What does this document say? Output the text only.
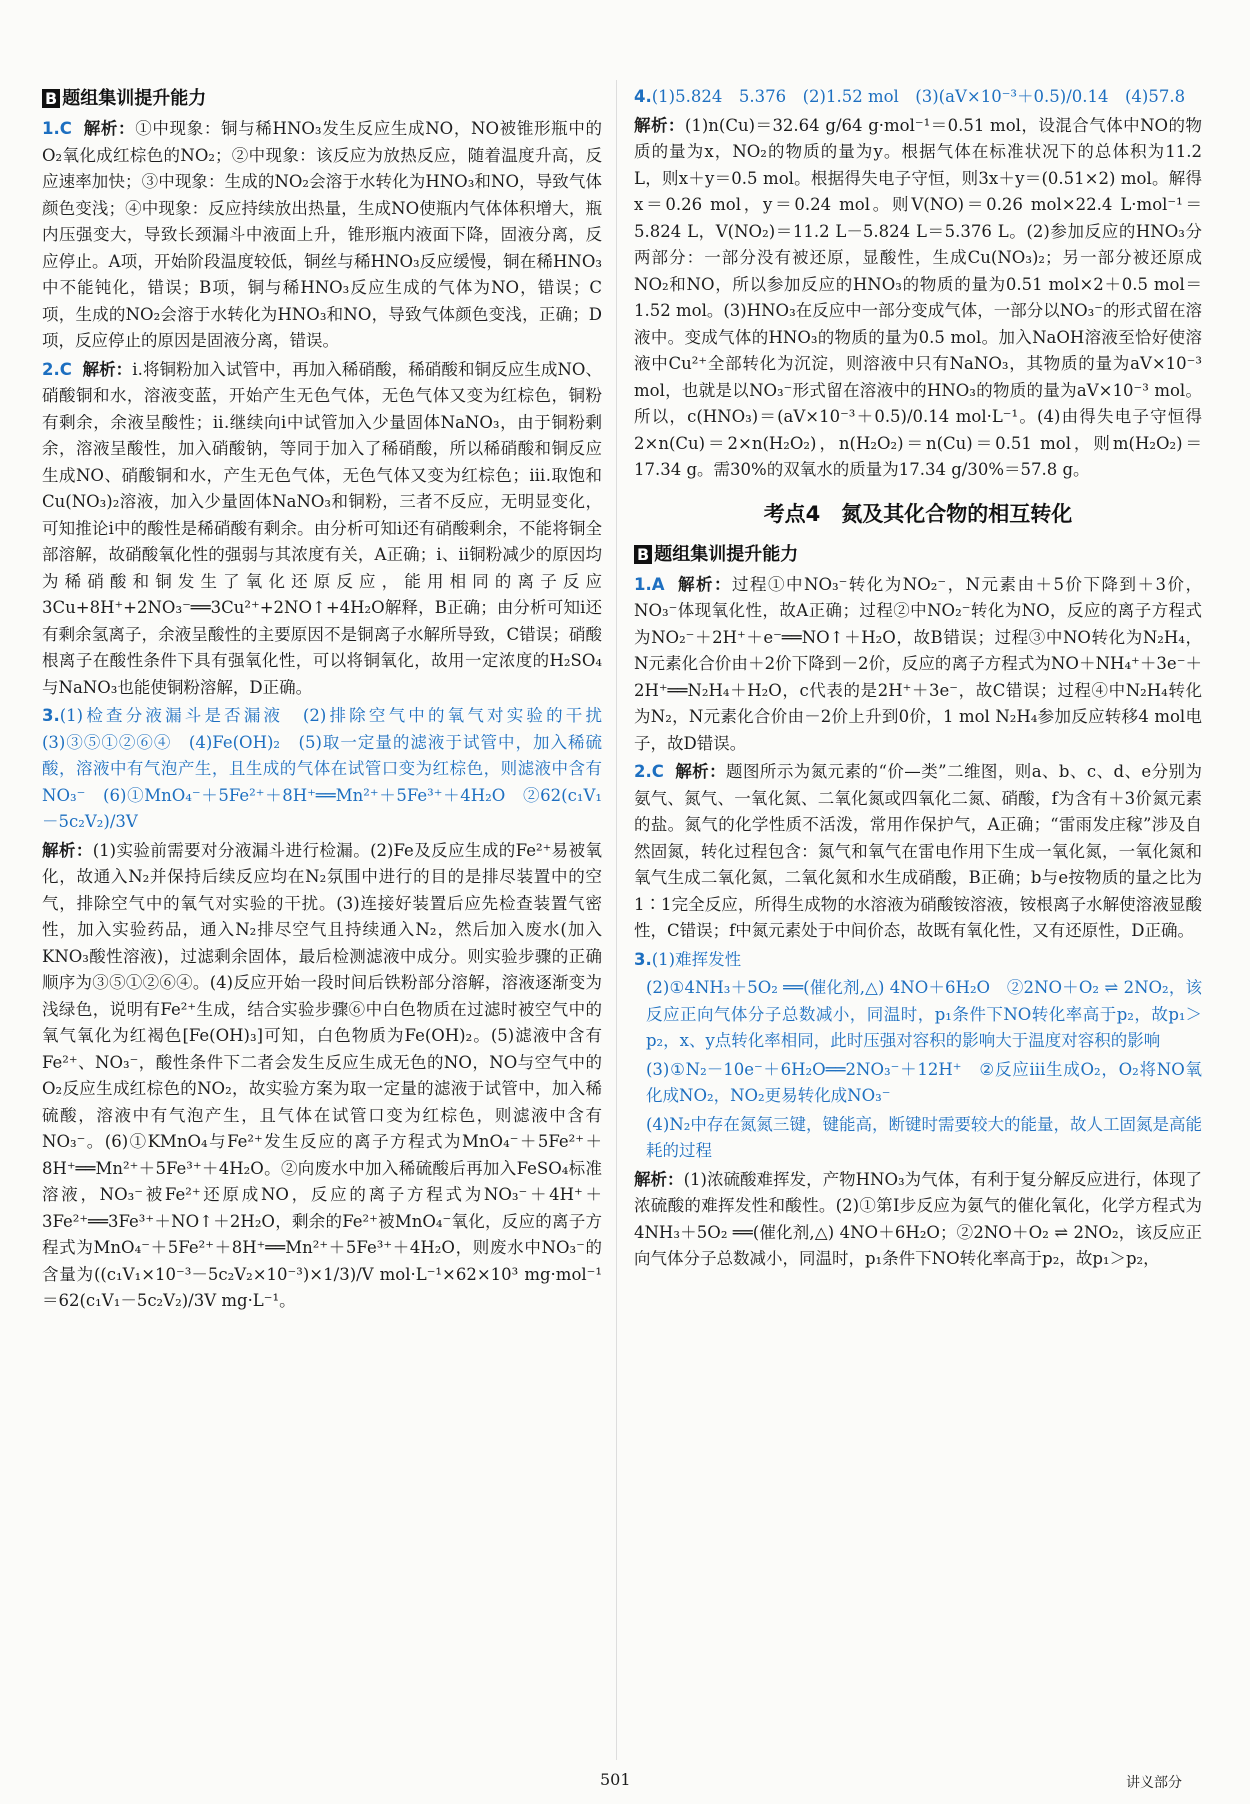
B 题组集训提升能力

1.C 解析：①中现象：铜与稀HNO₃发生反应生成NO，NO被锥形瓶中的O₂氧化成红棕色的NO₂；②中现象：该反应为放热反应，随着温度升高，反应速率加快；③中现象：生成的NO₂会溶于水转化为HNO₃和NO，导致气体颜色变浅；④中现象：反应持续放出热量，生成NO使瓶内气体体积增大，瓶内压强变大，导致长颈漏斗中液面上升，锥形瓶内液面下降，固液分离，反应停止。A项，开始阶段温度较低，铜丝与稀HNO₃反应缓慢，铜在稀HNO₃中不能钝化，错误；B项，铜与稀HNO₃反应生成的气体为NO，错误；C项，生成的NO₂会溶于水转化为HNO₃和NO，导致气体颜色变浅，正确；D项，反应停止的原因是固液分离，错误。

2.C 解析：ⅰ.将铜粉加入试管中，再加入稀硝酸，稀硝酸和铜反应生成NO、硝酸铜和水，溶液变蓝，开始产生无色气体，无色气体又变为红棕色，铜粉有剩余，余液呈酸性；ⅱ.继续向ⅰ中试管加入少量固体NaNO₃，由于铜粉剩余，溶液呈酸性，加入硝酸钠，等同于加入了稀硝酸，所以稀硝酸和铜反应生成NO、硝酸铜和水，产生无色气体，无色气体又变为红棕色；ⅲ.取饱和Cu(NO₃)₂溶液，加入少量固体NaNO₃和铜粉，三者不反应，无明显变化，可知推论ⅰ中的酸性是稀硝酸有剩余。由分析可知ⅰ还有硝酸剩余，不能将铜全部溶解，故硝酸氧化性的强弱与其浓度有关，A正确；ⅰ、ⅱ铜粉减少的原因均为稀硝酸和铜发生了氧化还原反应，能用相同的离子反应3Cu+8H⁺+2NO₃⁻══3Cu²⁺+2NO↑+4H₂O解释，B正确；由分析可知ⅰ还有剩余氢离子，余液呈酸性的主要原因不是铜离子水解所导致，C错误；硝酸根离子在酸性条件下具有强氧化性，可以将铜氧化，故用一定浓度的H₂SO₄与NaNO₃也能使铜粉溶解，D正确。

3.(1)检查分液漏斗是否漏液　(2)排除空气中的氧气对实验的干扰　(3)③⑤①②⑥④　(4)Fe(OH)₂　(5)取一定量的滤液于试管中，加入稀硫酸，溶液中有气泡产生，且生成的气体在试管口变为红棕色，则滤液中含有NO₃⁻　(6)①MnO₄⁻＋5Fe²⁺＋8H⁺══Mn²⁺＋5Fe³⁺＋4H₂O　②62(c₁V₁－5c₂V₂)/3V

解析：(1)实验前需要对分液漏斗进行检漏。(2)Fe及反应生成的Fe²⁺易被氧化，故通入N₂并保持后续反应均在N₂氛围中进行的目的是排尽装置中的空气，排除空气中的氧气对实验的干扰。(3)连接好装置后应先检查装置气密性，加入实验药品，通入N₂排尽空气且持续通入N₂，然后加入废水(加入KNO₃酸性溶液)，过滤剩余固体，最后检测滤液中成分。则实验步骤的正确顺序为③⑤①②⑥④。(4)反应开始一段时间后铁粉部分溶解，溶液逐渐变为浅绿色，说明有Fe²⁺生成，结合实验步骤⑥中白色物质在过滤时被空气中的氧气氧化为红褐色[Fe(OH)₃]可知，白色物质为Fe(OH)₂。(5)滤液中含有Fe²⁺、NO₃⁻，酸性条件下二者会发生反应生成无色的NO，NO与空气中的O₂反应生成红棕色的NO₂，故实验方案为取一定量的滤液于试管中，加入稀硫酸，溶液中有气泡产生，且气体在试管口变为红棕色，则滤液中含有NO₃⁻。(6)①KMnO₄与Fe²⁺发生反应的离子方程式为MnO₄⁻＋5Fe²⁺＋8H⁺══Mn²⁺＋5Fe³⁺＋4H₂O。②向废水中加入稀硫酸后再加入FeSO₄标准溶液，NO₃⁻被Fe²⁺还原成NO，反应的离子方程式为NO₃⁻＋4H⁺＋3Fe²⁺══3Fe³⁺＋NO↑＋2H₂O，剩余的Fe²⁺被MnO₄⁻氧化，反应的离子方程式为MnO₄⁻＋5Fe²⁺＋8H⁺══Mn²⁺＋5Fe³⁺＋4H₂O，则废水中NO₃⁻的含量为((c₁V₁×10⁻³－5c₂V₂×10⁻³)×1/3)/V mol·L⁻¹×62×10³ mg·mol⁻¹＝62(c₁V₁－5c₂V₂)/3V mg·L⁻¹。

4.(1)5.824　5.376　(2)1.52 mol　(3)(aV×10⁻³＋0.5)/0.14　(4)57.8

解析：(1)n(Cu)＝32.64 g/64 g·mol⁻¹＝0.51 mol，设混合气体中NO的物质的量为x，NO₂的物质的量为y。根据气体在标准状况下的总体积为11.2 L，则x＋y＝0.5 mol。根据得失电子守恒，则3x＋y＝(0.51×2) mol。解得x＝0.26 mol，y＝0.24 mol。则V(NO)＝0.26 mol×22.4 L·mol⁻¹＝5.824 L，V(NO₂)＝11.2 L－5.824 L＝5.376 L。(2)参加反应的HNO₃分两部分：一部分没有被还原，显酸性，生成Cu(NO₃)₂；另一部分被还原成NO₂和NO，所以参加反应的HNO₃的物质的量为0.51 mol×2＋0.5 mol＝1.52 mol。(3)HNO₃在反应中一部分变成气体，一部分以NO₃⁻的形式留在溶液中。变成气体的HNO₃的物质的量为0.5 mol。加入NaOH溶液至恰好使溶液中Cu²⁺全部转化为沉淀，则溶液中只有NaNO₃，其物质的量为aV×10⁻³ mol，也就是以NO₃⁻形式留在溶液中的HNO₃的物质的量为aV×10⁻³ mol。所以，c(HNO₃)＝(aV×10⁻³＋0.5)/0.14 mol·L⁻¹。(4)由得失电子守恒得2×n(Cu)＝2×n(H₂O₂)，n(H₂O₂)＝n(Cu)＝0.51 mol，则m(H₂O₂)＝17.34 g。需30%的双氧水的质量为17.34 g/30%＝57.8 g。

考点4　氮及其化合物的相互转化
B 题组集训提升能力

1.A 解析：过程①中NO₃⁻转化为NO₂⁻，N元素由＋5价下降到＋3价，NO₃⁻体现氧化性，故A正确；过程②中NO₂⁻转化为NO，反应的离子方程式为NO₂⁻＋2H⁺＋e⁻══NO↑＋H₂O，故B错误；过程③中NO转化为N₂H₄，N元素化合价由＋2价下降到－2价，反应的离子方程式为NO＋NH₄⁺＋3e⁻＋2H⁺══N₂H₄＋H₂O，c代表的是2H⁺＋3e⁻，故C错误；过程④中N₂H₄转化为N₂，N元素化合价由－2价上升到0价，1 mol N₂H₄参加反应转移4 mol电子，故D错误。

2.C 解析：题图所示为氮元素的“价—类”二维图，则a、b、c、d、e分别为氨气、氮气、一氧化氮、二氧化氮或四氧化二氮、硝酸，f为含有＋3价氮元素的盐。氮气的化学性质不活泼，常用作保护气，A正确；“雷雨发庄稼”涉及自然固氮，转化过程包含：氮气和氧气在雷电作用下生成一氧化氮，一氧化氮和氧气生成二氧化氮，二氧化氮和水生成硝酸，B正确；b与e按物质的量之比为1∶1完全反应，所得生成物的水溶液为硝酸铵溶液，铵根离子水解使溶液显酸性，C错误；f中氮元素处于中间价态，故既有氧化性，又有还原性，D正确。

3.(1)难挥发性

(2)①4NH₃＋5O₂ ══(催化剂,△) 4NO＋6H₂O　②2NO＋O₂ ⇌ 2NO₂，该反应正向气体分子总数减小，同温时，p₁条件下NO转化率高于p₂，故p₁＞p₂，x、y点转化率相同，此时压强对容积的影响大于温度对容积的影响

(3)①N₂－10e⁻＋6H₂O══2NO₃⁻＋12H⁺　②反应ⅲ生成O₂，O₂将NO氧化成NO₂，NO₂更易转化成NO₃⁻

(4)N₂中存在氮氮三键，键能高，断键时需要较大的能量，故人工固氮是高能耗的过程

解析：(1)浓硫酸难挥发，产物HNO₃为气体，有利于复分解反应进行，体现了浓硫酸的难挥发性和酸性。(2)①第Ⅰ步反应为氨气的催化氧化，化学方程式为4NH₃＋5O₂ ══(催化剂,△) 4NO＋6H₂O；②2NO＋O₂ ⇌ 2NO₂，该反应正向气体分子总数减小，同温时，p₁条件下NO转化率高于p₂，故p₁＞p₂，

501	讲义部分
